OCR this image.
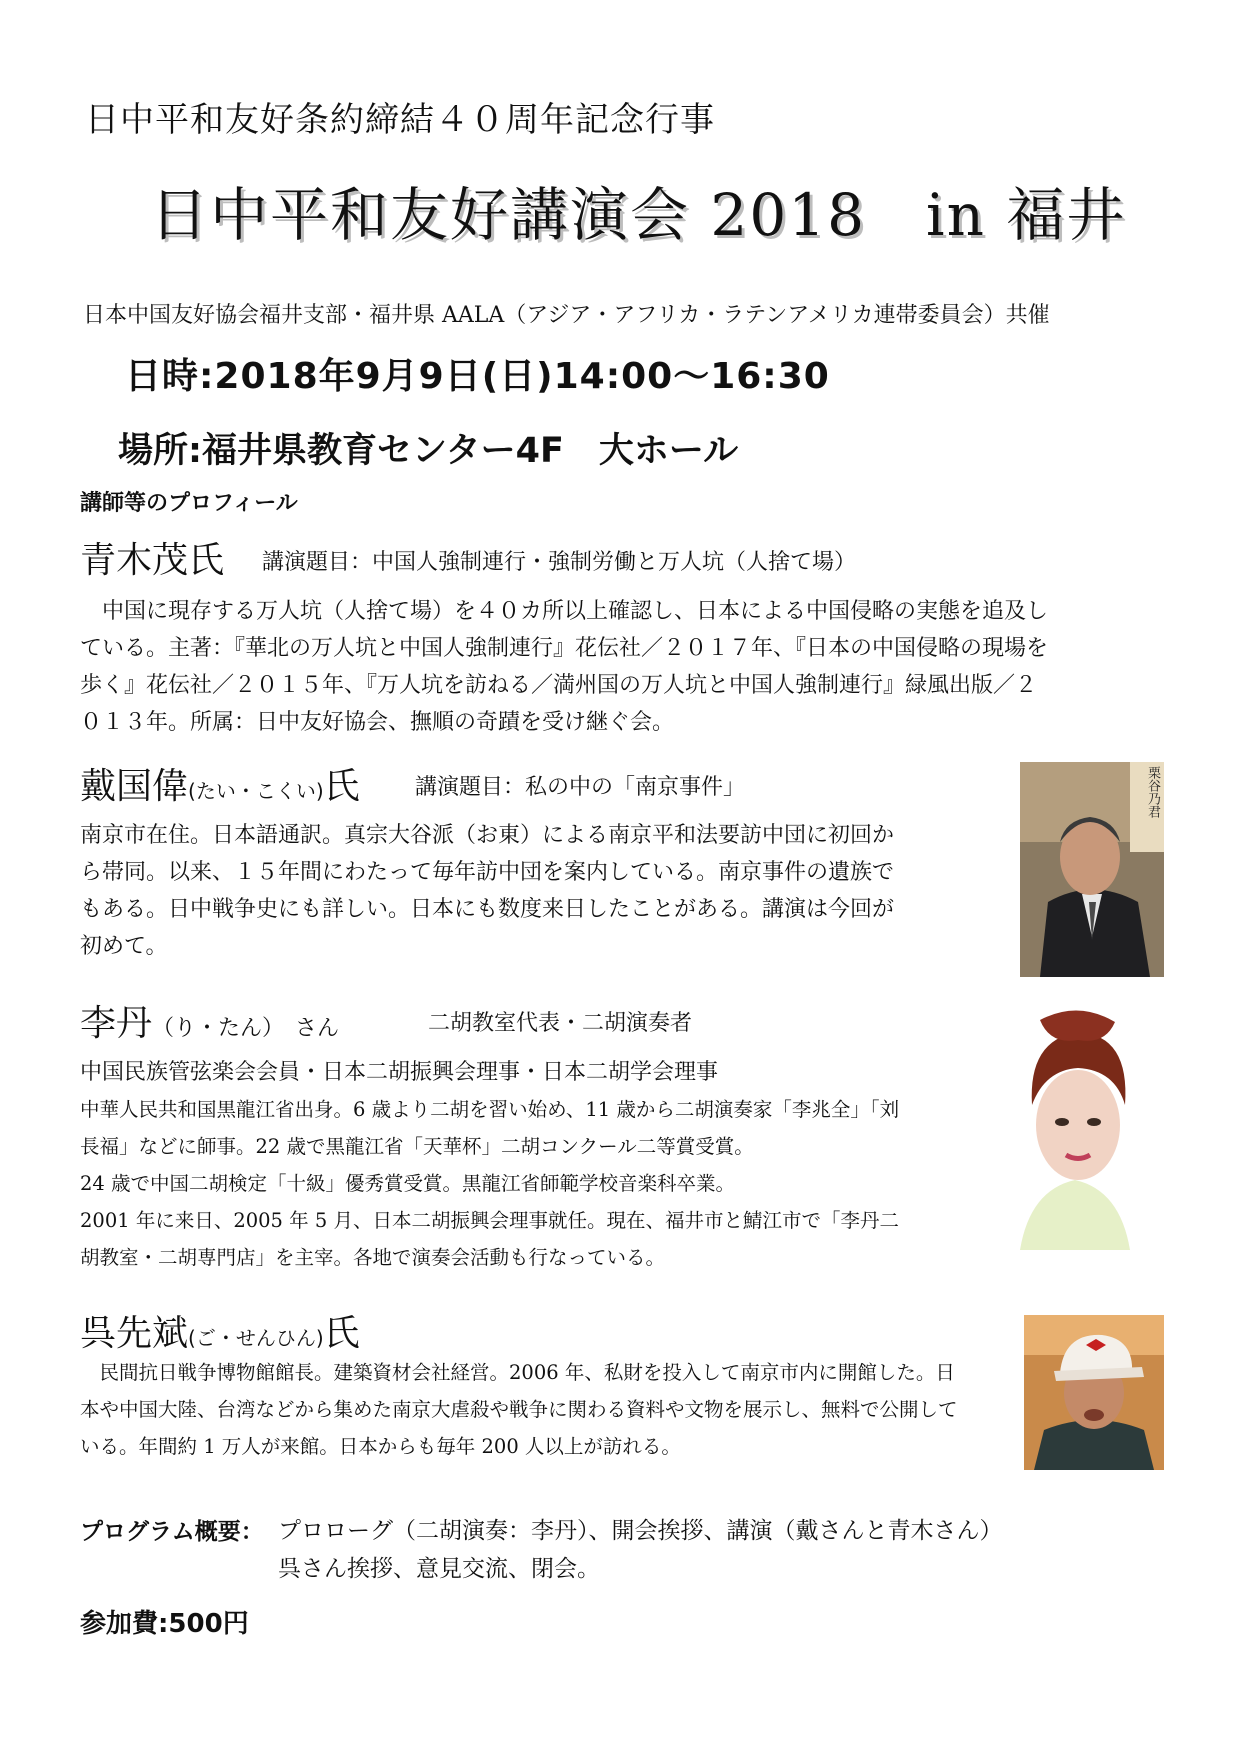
日中平和友好条約締結４０周年記念行事
日中平和友好講演会 2018　in 福井
日本中国友好協会福井支部・福井県 AALA（アジア・アフリカ・ラテンアメリカ連帯委員会）共催
日時:2018年9月9日(日)14:00～16:30
場所:福井県教育センター4F　大ホール
講師等のプロフィール
青木茂氏 講演題目：中国人強制連行・強制労働と万人坑（人捨て場）

　中国に現存する万人坑（人捨て場）を４０カ所以上確認し、日本による中国侵略の実態を追及し

ている。主著：『華北の万人坑と中国人強制連行』花伝社／２０１７年、『日本の中国侵略の現場を

歩く』花伝社／２０１５年、『万人坑を訪ねる／満州国の万人坑と中国人強制連行』緑風出版／２

０１３年。所属：日中友好協会、撫順の奇蹟を受け継ぐ会。

戴国偉(たい・こくい)氏	講演題目：私の中の「南京事件」

南京市在住。日本語通訳。真宗大谷派（お東）による南京平和法要訪中団に初回か

ら帯同。以来、１５年間にわたって毎年訪中団を案内している。南京事件の遺族で

もある。日中戦争史にも詳しい。日本にも数度来日したことがある。講演は今回が

初めて。

栗谷乃君
李丹（り・たん）　さん	二胡教室代表・二胡演奏者
中国民族管弦楽会会員・日本二胡振興会理事・日本二胡学会理事

中華人民共和国黒龍江省出身。6 歳より二胡を習い始め、11 歳から二胡演奏家「李兆全」「刘

長福」などに師事。22 歳で黒龍江省「天華杯」二胡コンクール二等賞受賞。

24 歳で中国二胡検定「十級」優秀賞受賞。黒龍江省師範学校音楽科卒業。

2001 年に来日、2005 年 5 月、日本二胡振興会理事就任。現在、福井市と鯖江市で「李丹二

胡教室・二胡専門店」を主宰。各地で演奏会活動も行なっている。

呉先斌(ご・せんひん)氏

　民間抗日戦争博物館館長。建築資材会社経営。2006 年、私財を投入して南京市内に開館した。日

本や中国大陸、台湾などから集めた南京大虐殺や戦争に関わる資料や文物を展示し、無料で公開して

いる。年間約 1 万人が来館。日本からも毎年 200 人以上が訪れる。

プログラム概要： プロローグ（二胡演奏：李丹）、開会挨拶、講演（戴さんと青木さん）
呉さん挨拶、意見交流、閉会。
参加費:500円
